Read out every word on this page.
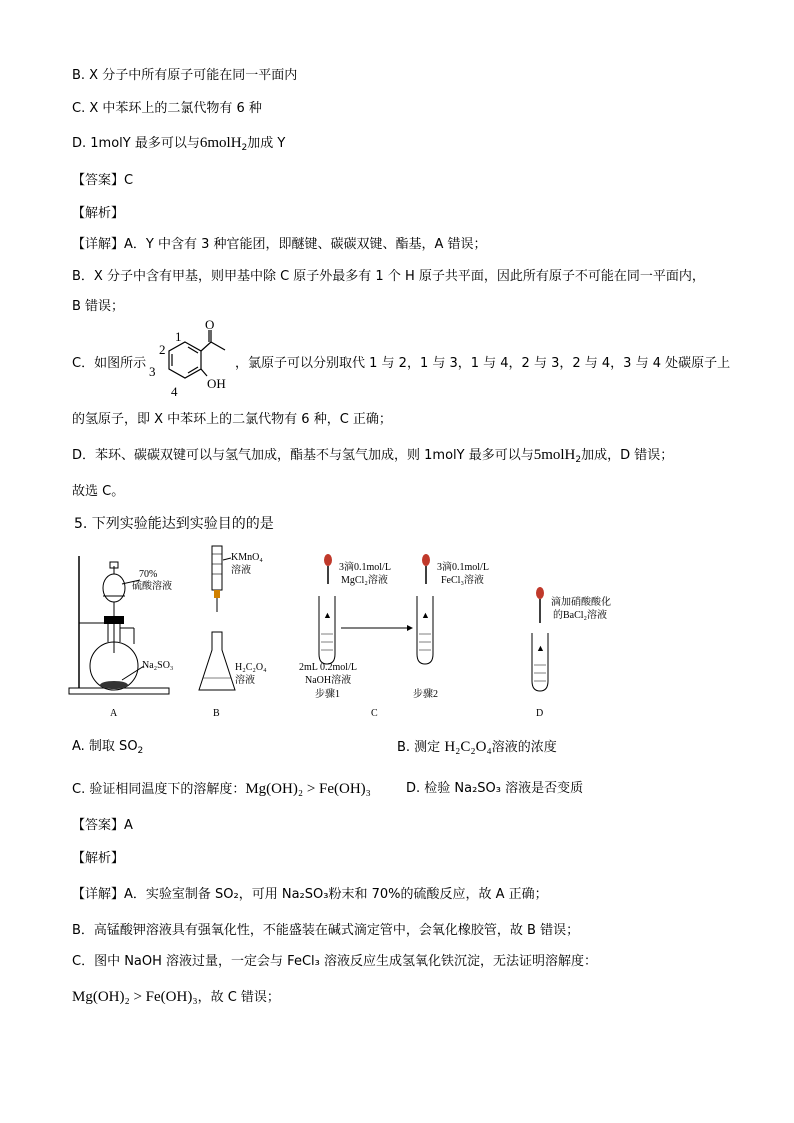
B. X 分子中所有原子可能在同一平面内
C. X 中苯环上的二氯代物有 6 种
D. 1molY 最多可以与6molH$_2$加成 Y
【答案】C
【解析】
【详解】A．Y 中含有 3 种官能团，即醚键、碳碳双键、酯基，A 错误；
B．X 分子中含有甲基，则甲基中除 C 原子外最多有 1 个 H 原子共平面，因此所有原子不可能在同一平面内，
B 错误；
C．如图所示
O
OH
1
2
3
4
，氯原子可以分别取代 1 与 2，1 与 3，1 与 4，2 与 3，2 与 4，3 与 4 处碳原子上
的氢原子，即 X 中苯环上的二氯代物有 6 种，C 正确；
D．苯环、碳碳双键可以与氢气加成，酯基不与氢气加成，则 1molY 最多可以与5molH$_2$加成，D 错误；
故选 C。
5. 下列实验能达到实验目的的是
70%
硫酸溶液
Na₂SO₃
A
KMnO₄
溶液
H₂C₂O₄
溶液
B
▲	▲
3滴0.1mol/L
MgCl₂溶液
3滴0.1mol/L
FeCl₃溶液
2mL 0.2mol/L
NaOH溶液
步骤1	步骤2
C
▲
滴加硝酸酸化
的BaCl₂溶液
D
A. 制取 $SO_2$	B. 测定 H₂C₂O₄溶液的浓度
C. 验证相同温度下的溶解度：Mg(OH)₂ > Fe(OH)₃	D. 检验 Na₂SO₃ 溶液是否变质
【答案】A
【解析】
【详解】A．实验室制备 SO₂，可用 Na₂SO₃粉末和 70%的硫酸反应，故 A 正确；
B．高锰酸钾溶液具有强氧化性，不能盛装在碱式滴定管中，会氧化橡胶管，故 B 错误；
C．图中 NaOH 溶液过量，一定会与 FeCl₃ 溶液反应生成氢氧化铁沉淀，无法证明溶解度：
Mg(OH)₂ > Fe(OH)₃，故 C 错误；
